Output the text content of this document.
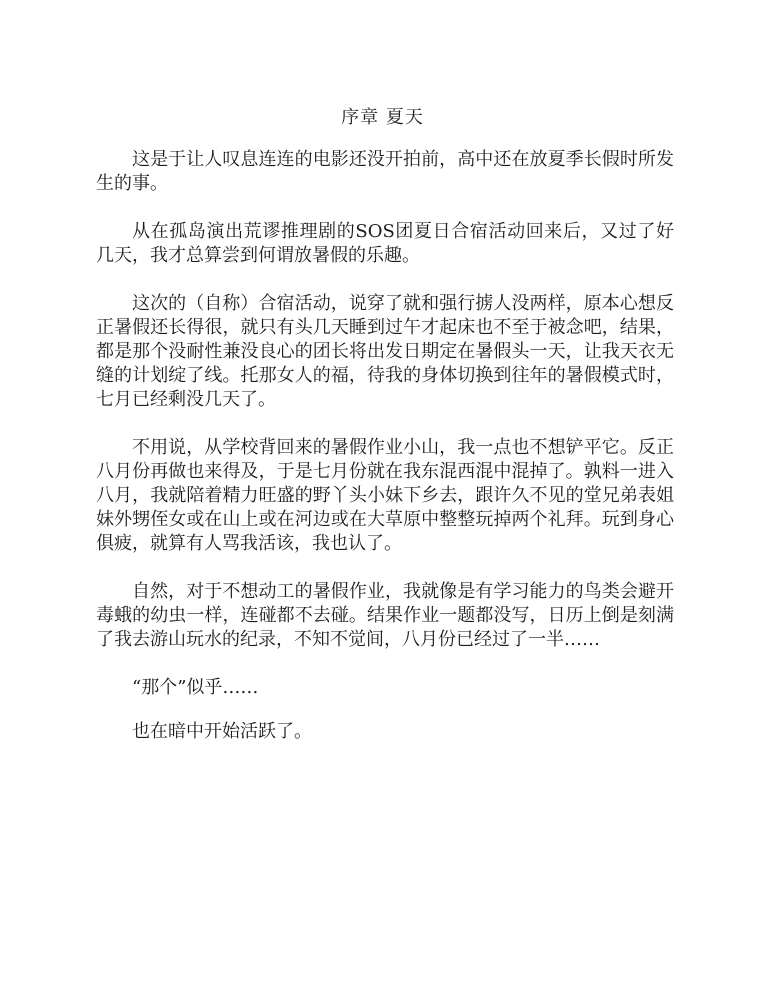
序章 夏天

这是于让人叹息连连的电影还没开拍前，高中还在放夏季长假时所发生的事。

从在孤岛演出荒谬推理剧的SOS团夏日合宿活动回来后，又过了好几天，我才总算尝到何谓放暑假的乐趣。

这次的（自称）合宿活动，说穿了就和强行掳人没两样，原本心想反正暑假还长得很，就只有头几天睡到过午才起床也不至于被念吧，结果，都是那个没耐性兼没良心的团长将出发日期定在暑假头一天，让我天衣无缝的计划绽了线。托那女人的福，待我的身体切换到往年的暑假模式时，七月已经剩没几天了。

不用说，从学校背回来的暑假作业小山，我一点也不想铲平它。反正八月份再做也来得及，于是七月份就在我东混西混中混掉了。孰料一进入八月，我就陪着精力旺盛的野丫头小妹下乡去，跟许久不见的堂兄弟表姐妹外甥侄女或在山上或在河边或在大草原中整整玩掉两个礼拜。玩到身心俱疲，就算有人骂我活该，我也认了。

自然，对于不想动工的暑假作业，我就像是有学习能力的鸟类会避开毒蛾的幼虫一样，连碰都不去碰。结果作业一题都没写，日历上倒是刻满了我去游山玩水的纪录，不知不觉间，八月份已经过了一半……

“那个”似乎……

也在暗中开始活跃了。
